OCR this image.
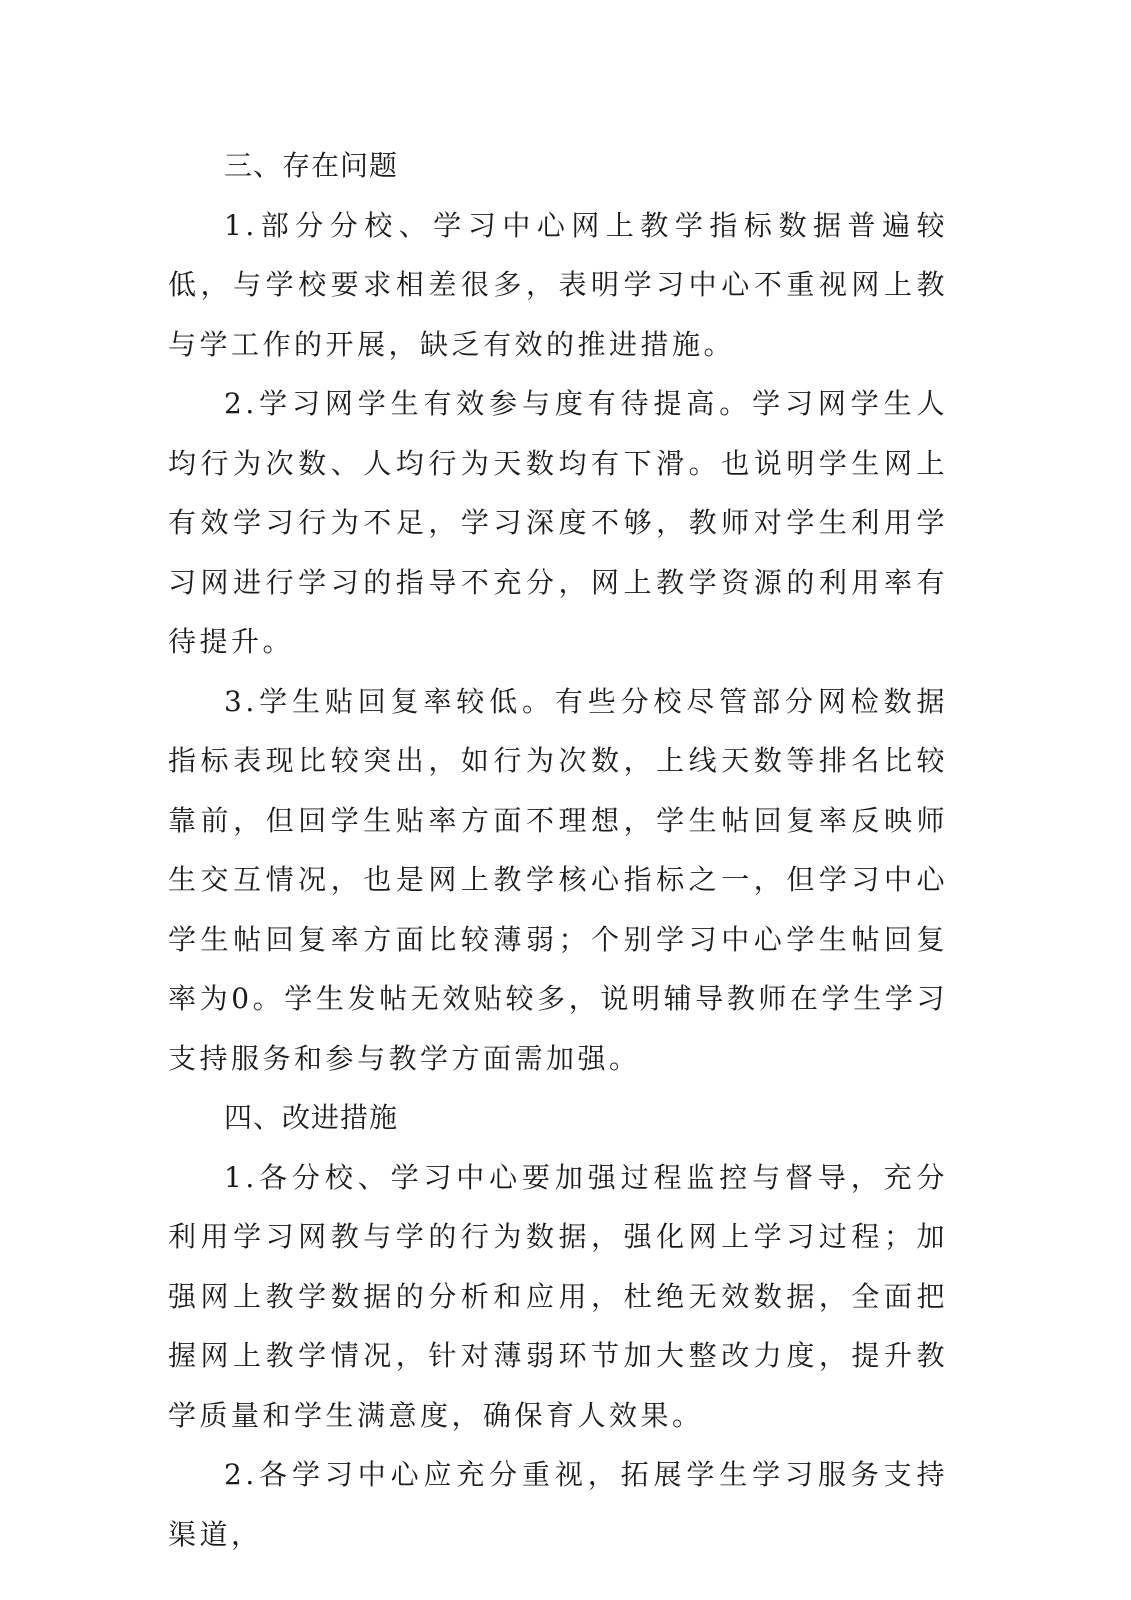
三、存在问题

1.部分分校、学习中心网上教学指标数据普遍较低，与学校要求相差很多，表明学习中心不重视网上教与学工作的开展，缺乏有效的推进措施。

2.学习网学生有效参与度有待提高。学习网学生人均行为次数、人均行为天数均有下滑。也说明学生网上有效学习行为不足，学习深度不够，教师对学生利用学习网进行学习的指导不充分，网上教学资源的利用率有待提升。

3.学生贴回复率较低。有些分校尽管部分网检数据指标表现比较突出，如行为次数，上线天数等排名比较靠前，但回学生贴率方面不理想，学生帖回复率反映师生交互情况，也是网上教学核心指标之一，但学习中心学生帖回复率方面比较薄弱；个别学习中心学生帖回复率为0。学生发帖无效贴较多，说明辅导教师在学生学习支持服务和参与教学方面需加强。

四、改进措施

1.各分校、学习中心要加强过程监控与督导，充分利用学习网教与学的行为数据，强化网上学习过程；加强网上教学数据的分析和应用，杜绝无效数据，全面把握网上教学情况，针对薄弱环节加大整改力度，提升教学质量和学生满意度，确保育人效果。

2.各学习中心应充分重视，拓展学生学习服务支持渠道，
